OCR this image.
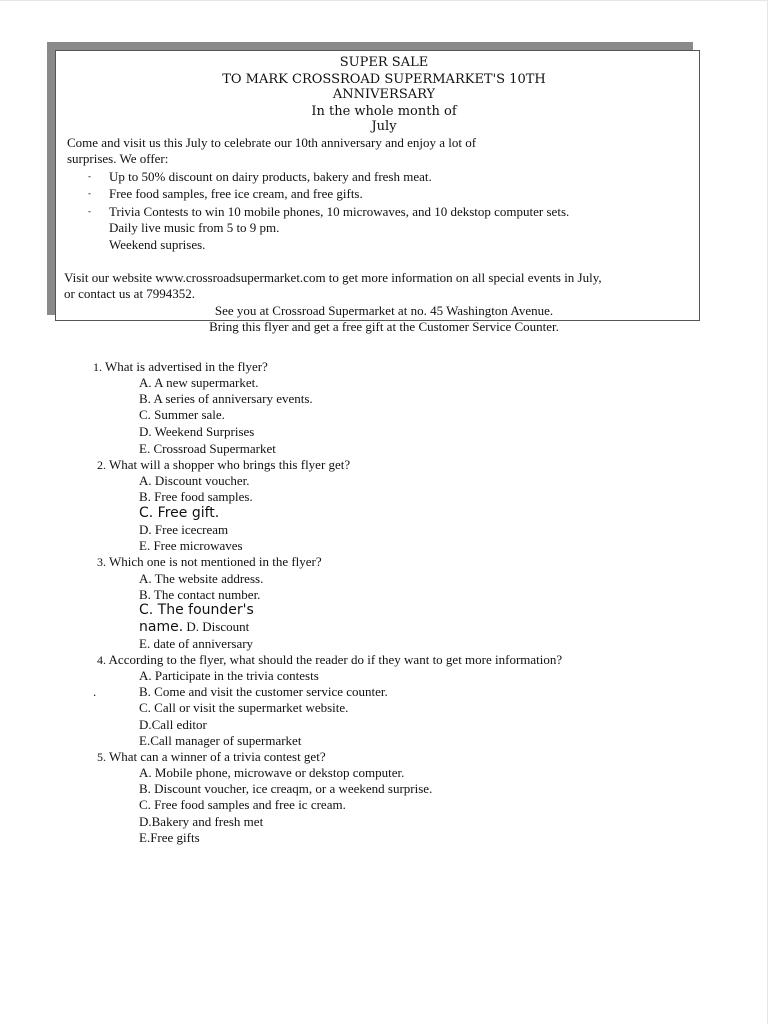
SUPER SALE
TO MARK CROSSROAD SUPERMARKET'S 10TH
ANNIVERSARY
In the whole month of
July
Come and visit us this July to celebrate our 10th anniversary and enjoy a lot of
surprises. We offer:
- Up to 50% discount on dairy products, bakery and fresh meat.
- Free food samples, free ice cream, and free gifts.
- Trivia Contests to win 10 mobile phones, 10 microwaves, and 10 dekstop computer sets.
Daily live music from 5 to 9 pm.
Weekend suprises.
Visit our website www.crossroadsupermarket.com to get more information on all special events in July,
or contact us at 7994352.
See you at Crossroad Supermarket at no. 45 Washington Avenue.
Bring this flyer and get a free gift at the Customer Service Counter.
1. What is advertised in the flyer?
A. A new supermarket.
B. A series of anniversary events.
C. Summer sale.
D. Weekend Surprises
E. Crossroad Supermarket
2. What will a shopper who brings this flyer get?
A. Discount voucher.
B. Free food samples.
C. Free gift.
D. Free icecream
E. Free microwaves
3. Which one is not mentioned in the flyer?
A. The website address.
B. The contact number.
C. The founder's
name. D. Discount
E. date of anniversary
4. According to the flyer, what should the reader do if they want to get more information?
A. Participate in the trivia contests
.	B. Come and visit the customer service counter.
C. Call or visit the supermarket website.
D.Call editor
E.Call manager of supermarket
5. What can a winner of a trivia contest get?
A. Mobile phone, microwave or dekstop computer.
B. Discount voucher, ice creaqm, or a weekend surprise.
C. Free food samples and free ic cream.
D.Bakery and fresh met
E.Free gifts
